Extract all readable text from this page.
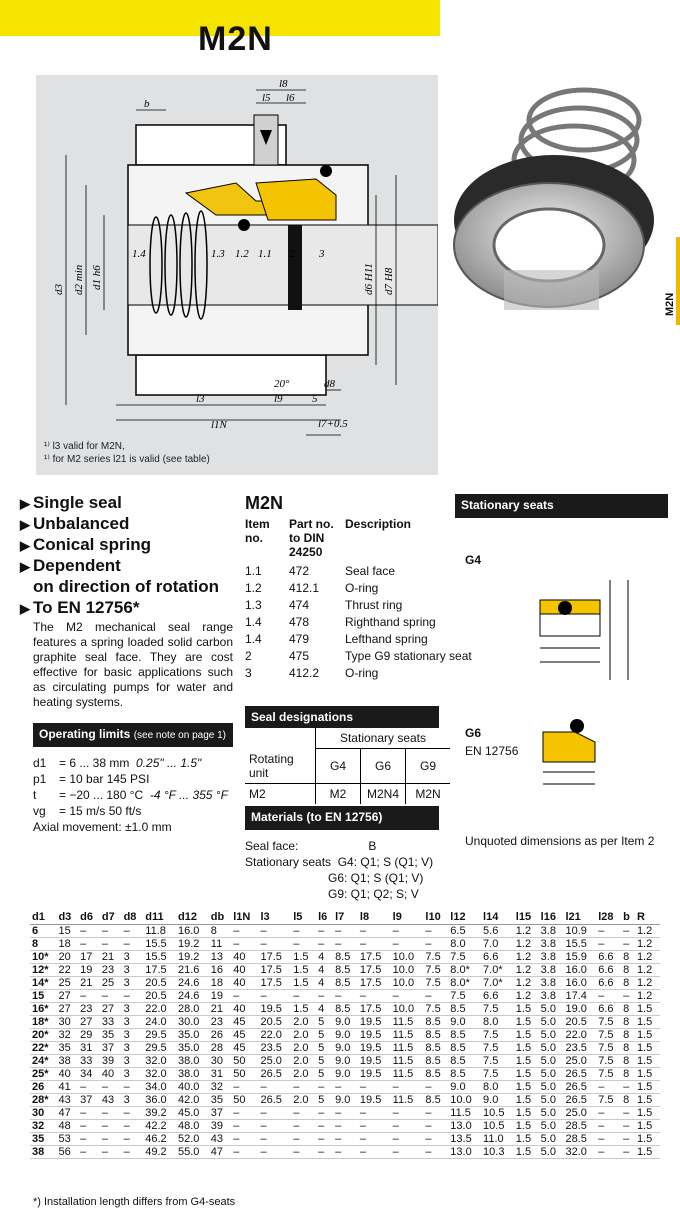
M2N
b
l8
l5 l6
1.4	1.3 1.2 1.1 2 3
20°
l3	l9	5
d8
l1N	l7+0.5
d3 d2 min d1 h6	d6 H11 d7 H8
¹⁾ l3 valid for M2N,
¹⁾ for M2 series l21 is valid (see table)
M2N
▶ Single seal
▶ Unbalanced
▶ Conical spring
▶ Dependent
on direction of rotation
▶ To EN 12756*
The M2 mechanical seal range features a spring loaded solid carbon graphite seal face. They are cost effective for basic applications such as circulating pumps for water and heating systems.
Operating limits (see note on page 1)
d1 = 6 ... 38 mm 0.25" ... 1.5"
p1 = 10 bar 145 PSI
t = −20 ... 180 °C -4 °F ... 355 °F
vg = 15 m/s 50 ft/s
Axial movement: ±1.0 mm
M2N
Item no.	Part no. to DIN 24250	Description
1.1	472	Seal face
1.2	412.1	O-ring
1.3	474	Thrust ring
1.4	478	Righthand spring
1.4	479	Lefthand spring
2	475	Type G9 stationary seat
3	412.2	O-ring
Seal designations
	Stationary seats		
Rotating unit	G4	G6	G9
M2	M2	M2N4	M2N
Materials (to EN 12756)
Seal face:	B
Stationary seats G4: Q1; S (Q1; V)
G6: Q1; S (Q1; V)
G9: Q1; Q2; S; V
Stationary seats
G4
G6
EN 12756
Unquoted dimensions as per Item 2
d1	d3	d6	d7	d8	d11	d12	db	l1N	l3	l5	l6	l7	l8	l9	l10	l12	l14	l15	l16	l21	l28	b	R
6	15	–	–	–	11.8	16.0	8	–	–	–	–	–	–	–	–	6.5	5.6	1.2	3.8	10.9	–	–	1.2
8	18	–	–	–	15.5	19.2	11	–	–	–	–	–	–	–	–	8.0	7.0	1.2	3.8	15.5	–	–	1.2
10*	20	17	21	3	15.5	19.2	13	40	17.5	1.5	4	8.5	17.5	10.0	7.5	7.5	6.6	1.2	3.8	15.9	6.6	8	1.2
12*	22	19	23	3	17.5	21.6	16	40	17.5	1.5	4	8.5	17.5	10.0	7.5	8.0*	7.0*	1.2	3.8	16.0	6.6	8	1.2
14*	25	21	25	3	20.5	24.6	18	40	17.5	1.5	4	8.5	17.5	10.0	7.5	8.0*	7.0*	1.2	3.8	16.0	6.6	8	1.2
15	27	–	–	–	20.5	24.6	19	–	–	–	–	–	–	–	–	7.5	6.6	1.2	3.8	17.4	–	–	1.2
16*	27	23	27	3	22.0	28.0	21	40	19.5	1.5	4	8.5	17.5	10.0	7.5	8.5	7.5	1.5	5.0	19.0	6.6	8	1.5
18*	30	27	33	3	24.0	30.0	23	45	20.5	2.0	5	9.0	19.5	11.5	8.5	9.0	8.0	1.5	5.0	20.5	7.5	8	1.5
20*	32	29	35	3	29.5	35.0	26	45	22.0	2.0	5	9.0	19.5	11.5	8.5	8.5	7.5	1.5	5.0	22.0	7.5	8	1.5
22*	35	31	37	3	29.5	35.0	28	45	23.5	2.0	5	9.0	19.5	11.5	8.5	8.5	7.5	1.5	5.0	23.5	7.5	8	1.5
24*	38	33	39	3	32.0	38.0	30	50	25.0	2.0	5	9.0	19.5	11.5	8.5	8.5	7.5	1.5	5.0	25.0	7.5	8	1.5
25*	40	34	40	3	32.0	38.0	31	50	26.5	2.0	5	9.0	19.5	11.5	8.5	8.5	7.5	1.5	5.0	26.5	7.5	8	1.5
26	41	–	–	–	34.0	40.0	32	–	–	–	–	–	–	–	–	9.0	8.0	1.5	5.0	26.5	–	–	1.5
28*	43	37	43	3	36.0	42.0	35	50	26.5	2.0	5	9.0	19.5	11.5	8.5	10.0	9.0	1.5	5.0	26.5	7.5	8	1.5
30	47	–	–	–	39.2	45.0	37	–	–	–	–	–	–	–	–	11.5	10.5	1.5	5.0	25.0	–	–	1.5
32	48	–	–	–	42.2	48.0	39	–	–	–	–	–	–	–	–	13.0	10.5	1.5	5.0	28.5	–	–	1.5
35	53	–	–	–	46.2	52.0	43	–	–	–	–	–	–	–	–	13.5	11.0	1.5	5.0	28.5	–	–	1.5
38	56	–	–	–	49.2	55.0	47	–	–	–	–	–	–	–	–	13.0	10.3	1.5	5.0	32.0	–	–	1.5
*) Installation length differs from G4-seats
